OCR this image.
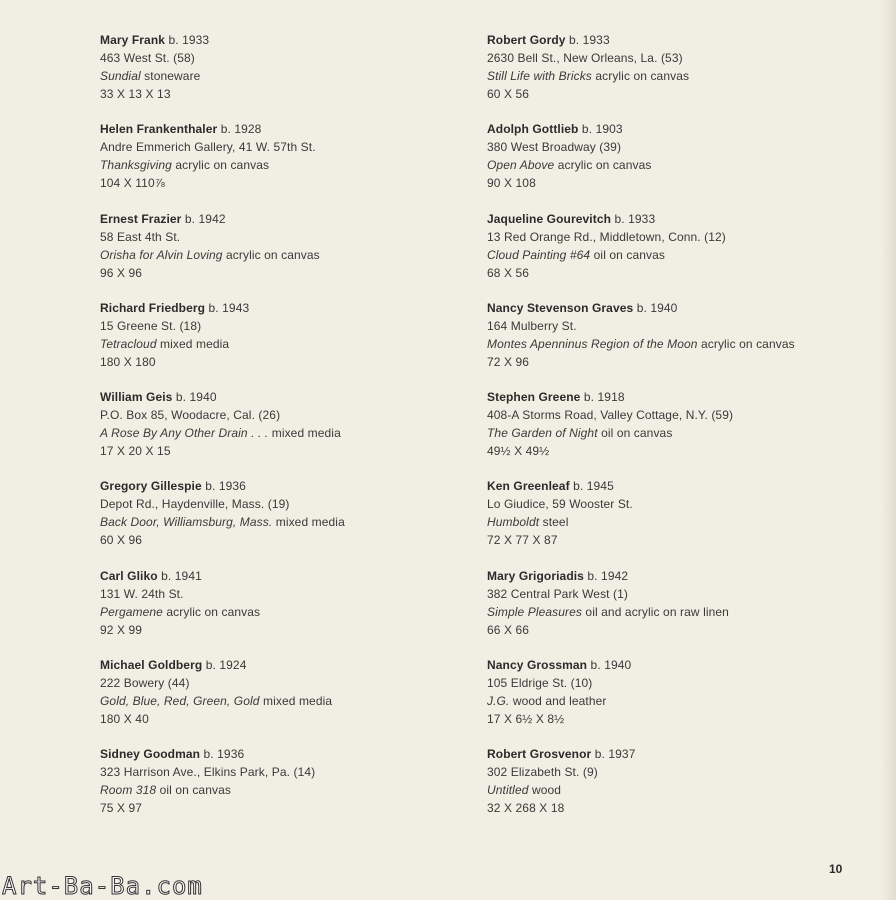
Mary Frank b. 1933
463 West St. (58)
Sundial stoneware
33 X 13 X 13
Helen Frankenthaler b. 1928
Andre Emmerich Gallery, 41 W. 57th St.
Thanksgiving acrylic on canvas
104 X 110⅞
Ernest Frazier b. 1942
58 East 4th St.
Orisha for Alvin Loving acrylic on canvas
96 X 96
Richard Friedberg b. 1943
15 Greene St. (18)
Tetracloud mixed media
180 X 180
William Geis b. 1940
P.O. Box 85, Woodacre, Cal. (26)
A Rose By Any Other Drain . . . mixed media
17 X 20 X 15
Gregory Gillespie b. 1936
Depot Rd., Haydenville, Mass. (19)
Back Door, Williamsburg, Mass. mixed media
60 X 96
Carl Gliko b. 1941
131 W. 24th St.
Pergamene acrylic on canvas
92 X 99
Michael Goldberg b. 1924
222 Bowery (44)
Gold, Blue, Red, Green, Gold mixed media
180 X 40
Sidney Goodman b. 1936
323 Harrison Ave., Elkins Park, Pa. (14)
Room 318 oil on canvas
75 X 97
Robert Gordy b. 1933
2630 Bell St., New Orleans, La. (53)
Still Life with Bricks acrylic on canvas
60 X 56
Adolph Gottlieb b. 1903
380 West Broadway (39)
Open Above acrylic on canvas
90 X 108
Jaqueline Gourevitch b. 1933
13 Red Orange Rd., Middletown, Conn. (12)
Cloud Painting #64 oil on canvas
68 X 56
Nancy Stevenson Graves b. 1940
164 Mulberry St.
Montes Apenninus Region of the Moon acrylic on canvas
72 X 96
Stephen Greene b. 1918
408-A Storms Road, Valley Cottage, N.Y. (59)
The Garden of Night oil on canvas
49½ X 49½
Ken Greenleaf b. 1945
Lo Giudice, 59 Wooster St.
Humboldt steel
72 X 77 X 87
Mary Grigoriadis b. 1942
382 Central Park West (1)
Simple Pleasures oil and acrylic on raw linen
66 X 66
Nancy Grossman b. 1940
105 Eldrige St. (10)
J.G. wood and leather
17 X 6½ X 8½
Robert Grosvenor b. 1937
302 Elizabeth St. (9)
Untitled wood
32 X 268 X 18
10
Art-Ba-Ba.com
